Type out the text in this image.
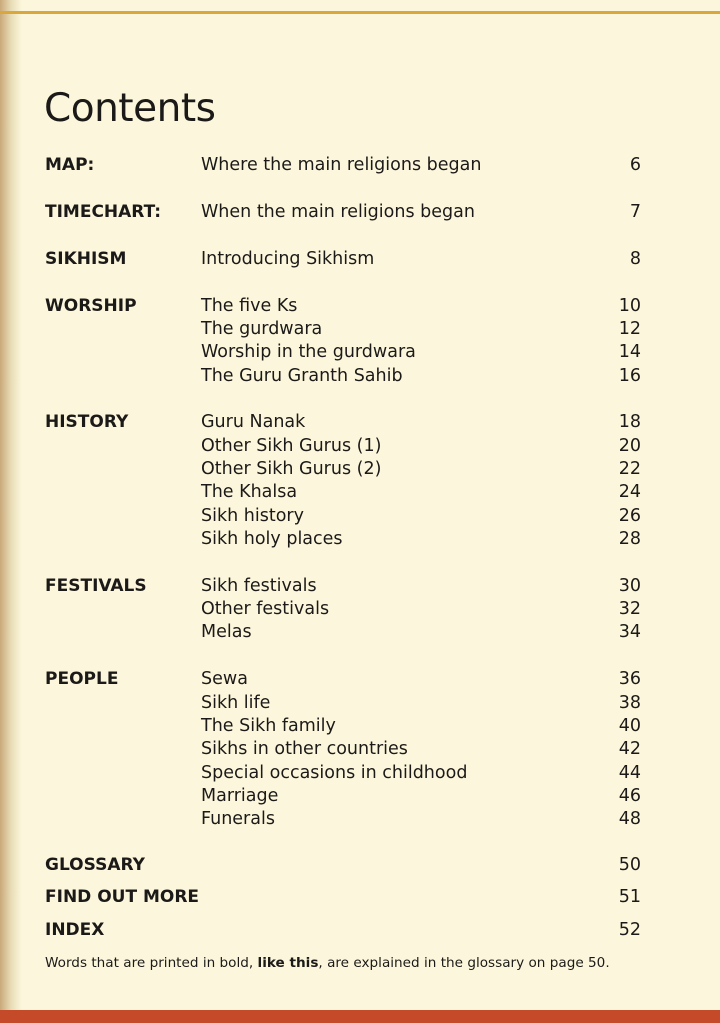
Contents
MAP:	Where the main religions began	6
TIMECHART:	When the main religions began	7
SIKHISM	Introducing Sikhism	8
WORSHIP	The five Ks	10
The gurdwara	12
Worship in the gurdwara	14
The Guru Granth Sahib	16
HISTORY	Guru Nanak	18
Other Sikh Gurus (1)	20
Other Sikh Gurus (2)	22
The Khalsa	24
Sikh history	26
Sikh holy places	28
FESTIVALS	Sikh festivals	30
Other festivals	32
Melas	34
PEOPLE	Sewa	36
Sikh life	38
The Sikh family	40
Sikhs in other countries	42
Special occasions in childhood	44
Marriage	46
Funerals	48
GLOSSARY	50
FIND OUT MORE	51
INDEX	52
Words that are printed in bold, like this, are explained in the glossary on page 50.
